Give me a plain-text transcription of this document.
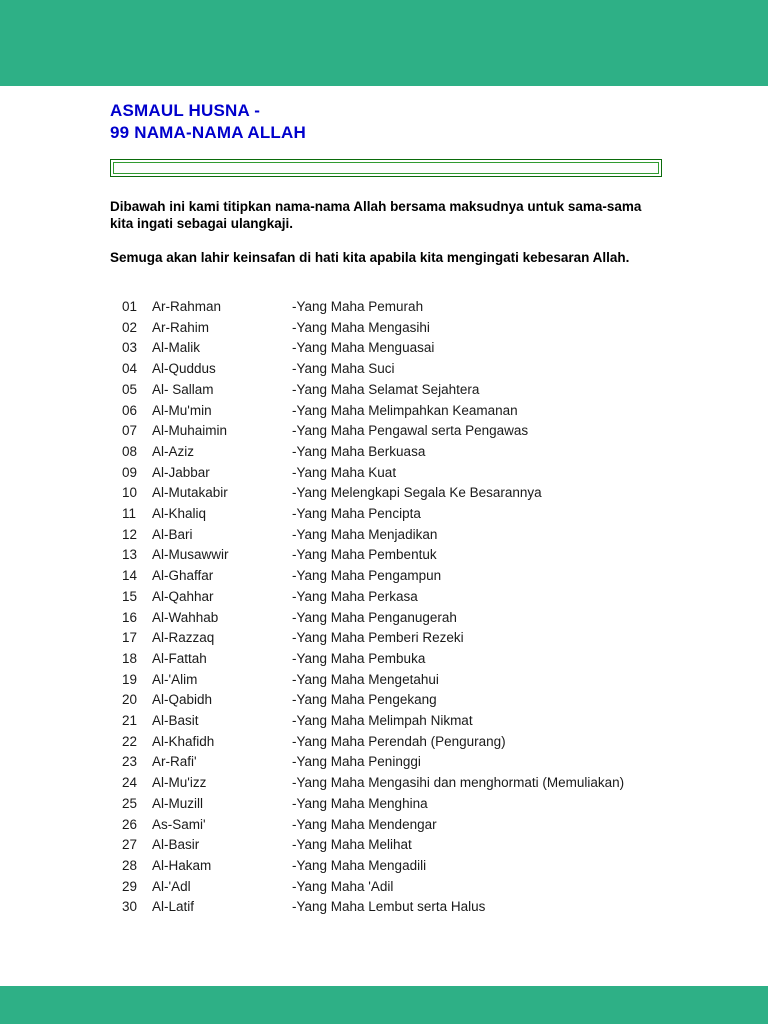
ASMAUL HUSNA -
99 NAMA-NAMA ALLAH

Dibawah ini kami titipkan nama-nama Allah bersama maksudnya untuk sama-sama kita ingati sebagai ulangkaji.

Semuga akan lahir keinsafan di hati kita apabila kita mengingati kebesaran Allah.

01	Ar-Rahman	-Yang Maha Pemurah
02	Ar-Rahim	-Yang Maha Mengasihi
03	Al-Malik	-Yang Maha Menguasai
04	Al-Quddus	-Yang Maha Suci
05	Al- Sallam	-Yang Maha Selamat Sejahtera
06	Al-Mu'min	-Yang Maha Melimpahkan Keamanan
07	Al-Muhaimin	-Yang Maha Pengawal serta Pengawas
08	Al-Aziz	-Yang Maha Berkuasa
09	Al-Jabbar	-Yang Maha Kuat
10	Al-Mutakabir	-Yang Melengkapi Segala Ke Besarannya
11	Al-Khaliq	-Yang Maha Pencipta
12	Al-Bari	-Yang Maha Menjadikan
13	Al-Musawwir	-Yang Maha Pembentuk
14	Al-Ghaffar	-Yang Maha Pengampun
15	Al-Qahhar	-Yang Maha Perkasa
16	Al-Wahhab	-Yang Maha Penganugerah
17	Al-Razzaq	-Yang Maha Pemberi Rezeki
18	Al-Fattah	-Yang Maha Pembuka
19	Al-'Alim	-Yang Maha Mengetahui
20	Al-Qabidh	-Yang Maha Pengekang
21	Al-Basit	-Yang Maha Melimpah Nikmat
22	Al-Khafidh	-Yang Maha Perendah (Pengurang)
23	Ar-Rafi'	-Yang Maha Peninggi
24	Al-Mu'izz	-Yang Maha Mengasihi dan menghormati (Memuliakan)
25	Al-Muzill	-Yang Maha Menghina
26	As-Sami'	-Yang Maha Mendengar
27	Al-Basir	-Yang Maha Melihat
28	Al-Hakam	-Yang Maha Mengadili
29	Al-'Adl	-Yang Maha 'Adil
30	Al-Latif	-Yang Maha Lembut serta Halus
